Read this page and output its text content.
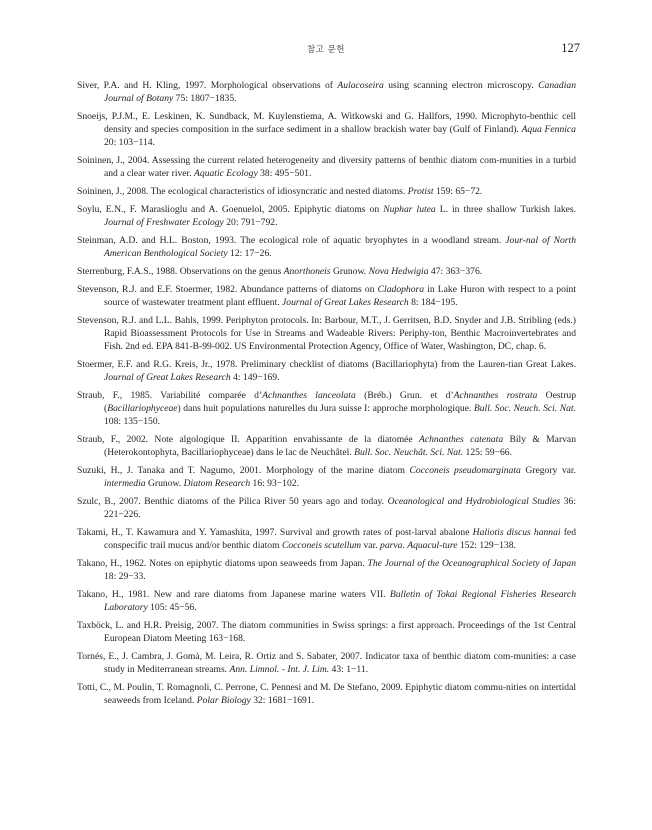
참고 문헌	127
Siver, P.A. and H. Kling, 1997. Morphological observations of Aulacoseira using scanning electron microscopy. Canadian Journal of Botany 75: 1807−1835.
Snoeijs, P.J.M., E. Leskinen, K. Sundback, M. Kuylenstiema, A. Witkowski and G. Hallfors, 1990. Microphyto-benthic cell density and species composition in the surface sediment in a shallow brackish water bay (Gulf of Finland). Aqua Fennica 20: 103−114.
Soininen, J., 2004. Assessing the current related heterogeneity and diversity patterns of benthic diatom com-munities in a turbid and a clear water river. Aquatic Ecology 38: 495−501.
Soininen, J., 2008. The ecological characteristics of idiosyncratic and nested diatoms. Protist 159: 65−72.
Soylu, E.N., F. Maraslioglu and A. Goenuelol, 2005. Epiphytic diatoms on Nuphar lutea L. in three shallow Turkish lakes. Journal of Freshwater Ecology 20: 791−792.
Steinman, A.D. and H.L. Boston, 1993. The ecological role of aquatic bryophytes in a woodland stream. Jour-nal of North American Benthological Society 12: 17−26.
Sterrenburg, F.A.S., 1988. Observations on the genus Anorthoneis Grunow. Nova Hedwigia 47: 363−376.
Stevenson, R.J. and E.F. Stoermer, 1982. Abundance patterns of diatoms on Cladophora in Lake Huron with respect to a point source of wastewater treatment plant effluent. Journal of Great Lakes Research 8: 184−195.
Stevenson, R.J. and L.L. Bahls, 1999. Periphyton protocols. In: Barbour, M.T., J. Gerritsen, B.D. Snyder and J.B. Stribling (eds.) Rapid Bioassessment Protocols for Use in Streams and Wadeable Rivers: Periphy-ton, Benthic Macroinvertebrates and Fish. 2nd ed. EPA 841-B-99-002. US Environmental Protection Agency, Office of Water, Washington, DC, chap. 6.
Stoermer, E.F. and R.G. Kreis, Jr., 1978. Preliminary checklist of diatoms (Bacillariophyta) from the Lauren-tian Great Lakes. Journal of Great Lakes Research 4: 149−169.
Straub, F., 1985. Variabilité comparée d’Achnanthes lanceolata (Bréb.) Grun. et d’Achnanthes rostrata Oestrup (Bacillariophyceae) dans huit populations naturelles du Jura suisse I: approche morphologique. Bull. Soc. Neuch. Sci. Nat. 108: 135−150.
Straub, F., 2002. Note algologique II. Apparition envahissante de la diatomée Achnanthes catenata Bily & Marvan (Heterokontophyta, Bacillariophyceae) dans le lac de Neuchâtel. Bull. Soc. Neuchât. Sci. Nat. 125: 59−66.
Suzuki, H., J. Tanaka and T. Nagumo, 2001. Morphology of the marine diatom Cocconeis pseudomarginata Gregory var. intermedia Grunow. Diatom Research 16: 93−102.
Szulc, B., 2007. Benthic diatoms of the Pilica River 50 years ago and today. Oceanological and Hydrobiological Studies 36: 221−226.
Takami, H., T. Kawamura and Y. Yamashita, 1997. Survival and growth rates of post-larval abalone Haliotis discus hannai fed conspecific trail mucus and/or benthic diatom Cocconeis scutellum var. parva. Aquacul-ture 152: 129−138.
Takano, H., 1962. Notes on epiphytic diatoms upon seaweeds from Japan. The Journal of the Oceanographical Society of Japan 18: 29−33.
Takano, H., 1981. New and rare diatoms from Japanese marine waters VII. Bulletin of Tokai Regional Fisheries Research Laboratory 105: 45−56.
Taxböck, L. and H.R. Preisig, 2007. The diatom communities in Swiss springs: a first approach. Proceedings of the 1st Central European Diatom Meeting 163−168.
Tornés, E., J. Cambra, J. Gomà, M. Leira, R. Ortiz and S. Sabater, 2007. Indicator taxa of benthic diatom com-munities: a case study in Mediterranean streams. Ann. Limnol. - Int. J. Lim. 43: 1−11.
Totti, C., M. Poulin, T. Romagnoli, C. Perrone, C. Pennesi and M. De Stefano, 2009. Epiphytic diatom commu-nities on intertidal seaweeds from Iceland. Polar Biology 32: 1681−1691.
